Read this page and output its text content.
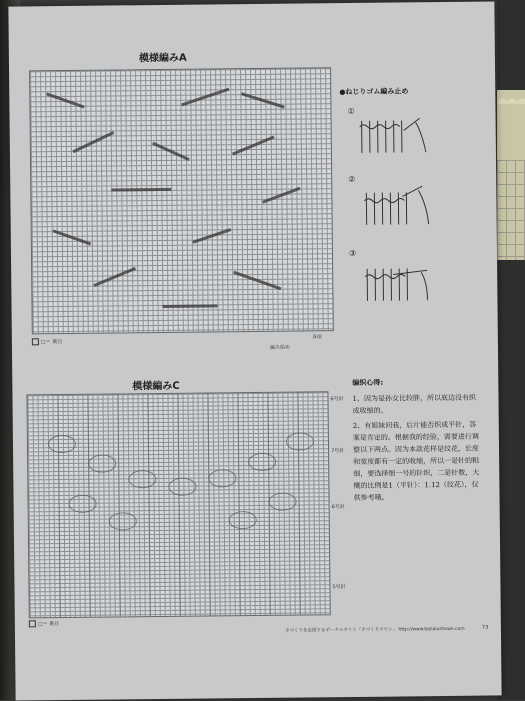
模様編みA
□＝ 裏目
編み始め
身頃
●ねじりゴム編み止め
①
②
③

编织心得:

1、因为是孙女比较胖，所以底边没有织成收缩的。

2、有姐妹问我，后片能否织成平针，答案是肯定的。根据我的经验，需要进行调整以下两点。因为本款花样是纹花，长度和宽度都有一定的收缩，所以一是针的粗细，要选择细一号的针织，二是针数，大概的比例是1（平针）：1.12（纹花），仅供参考哦。

模様編みC
6号針
7号針
6号針
5号針
□＝ 裏目
手づくりを応援するポータルサイト「手づくりタウン」 http://www.tezukuritown.com	73
